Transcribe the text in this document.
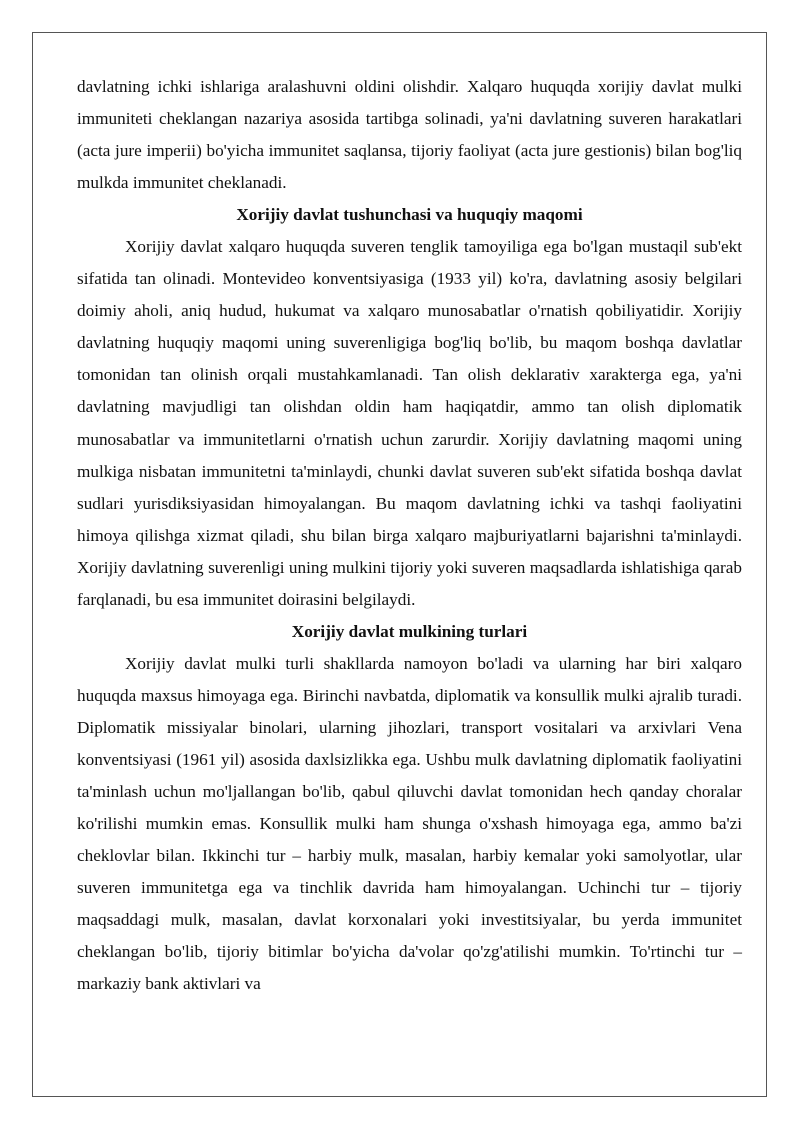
davlatning ichki ishlariga aralashuvni oldini olishdir. Xalqaro huquqda xorijiy davlat mulki immuniteti cheklangan nazariya asosida tartibga solinadi, ya'ni davlatning suveren harakatlari (acta jure imperii) bo'yicha immunitet saqlansa, tijoriy faoliyat (acta jure gestionis) bilan bog'liq mulkda immunitet cheklanadi.

Xorijiy davlat tushunchasi va huquqiy maqomi

Xorijiy davlat xalqaro huquqda suveren tenglik tamoyiliga ega bo'lgan mustaqil sub'ekt sifatida tan olinadi. Montevideo konventsiyasiga (1933 yil) ko'ra, davlatning asosiy belgilari doimiy aholi, aniq hudud, hukumat va xalqaro munosabatlar o'rnatish qobiliyatidir. Xorijiy davlatning huquqiy maqomi uning suverenligiga bog'liq bo'lib, bu maqom boshqa davlatlar tomonidan tan olinish orqali mustahkamlanadi. Tan olish deklarativ xarakterga ega, ya'ni davlatning mavjudligi tan olishdan oldin ham haqiqatdir, ammo tan olish diplomatik munosabatlar va immunitetlarni o'rnatish uchun zarurdir. Xorijiy davlatning maqomi uning mulkiga nisbatan immunitetni ta'minlaydi, chunki davlat suveren sub'ekt sifatida boshqa davlat sudlari yurisdiksiyasidan himoyalangan. Bu maqom davlatning ichki va tashqi faoliyatini himoya qilishga xizmat qiladi, shu bilan birga xalqaro majburiyatlarni bajarishni ta'minlaydi. Xorijiy davlatning suverenligi uning mulkini tijoriy yoki suveren maqsadlarda ishlatishiga qarab farqlanadi, bu esa immunitet doirasini belgilaydi.

Xorijiy davlat mulkining turlari

Xorijiy davlat mulki turli shakllarda namoyon bo'ladi va ularning har biri xalqaro huquqda maxsus himoyaga ega. Birinchi navbatda, diplomatik va konsullik mulki ajralib turadi. Diplomatik missiyalar binolari, ularning jihozlari, transport vositalari va arxivlari Vena konventsiyasi (1961 yil) asosida daxlsizlikka ega. Ushbu mulk davlatning diplomatik faoliyatini ta'minlash uchun mo'ljallangan bo'lib, qabul qiluvchi davlat tomonidan hech qanday choralar ko'rilishi mumkin emas. Konsullik mulki ham shunga o'xshash himoyaga ega, ammo ba'zi cheklovlar bilan. Ikkinchi tur – harbiy mulk, masalan, harbiy kemalar yoki samolyotlar, ular suveren immunitetga ega va tinchlik davrida ham himoyalangan. Uchinchi tur – tijoriy maqsaddagi mulk, masalan, davlat korxonalari yoki investitsiyalar, bu yerda immunitet cheklangan bo'lib, tijoriy bitimlar bo'yicha da'volar qo'zg'atilishi mumkin. To'rtinchi tur – markaziy bank aktivlari va
